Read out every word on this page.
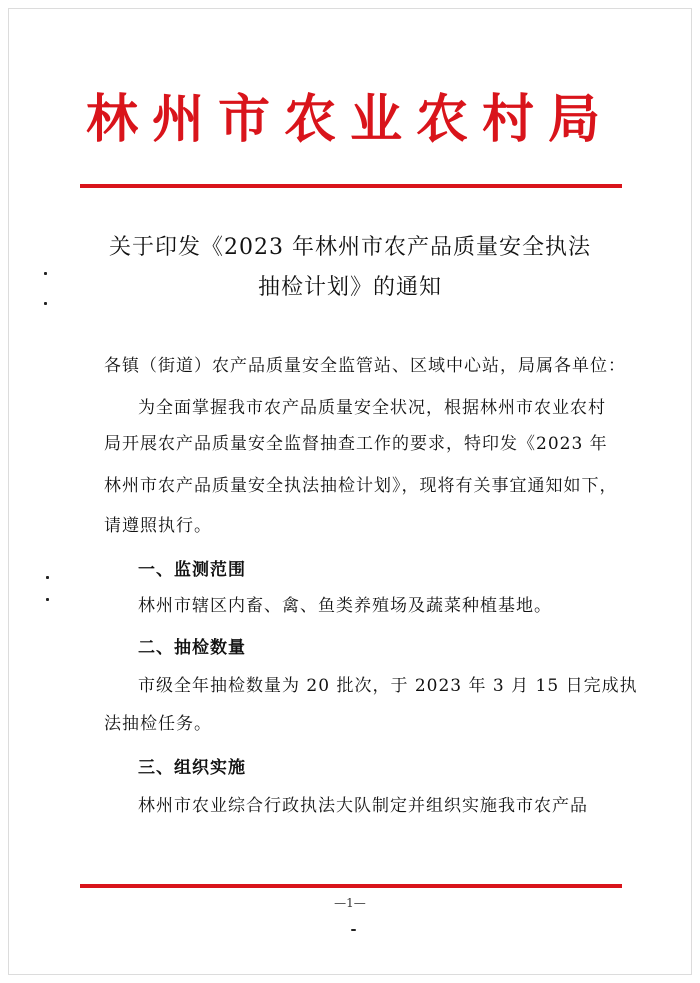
林州市农业农村局
关于印发《2023 年林州市农产品质量安全执法
抽检计划》的通知
各镇（街道）农产品质量安全监管站、区域中心站，局属各单位：
为全面掌握我市农产品质量安全状况，根据林州市农业农村
局开展农产品质量安全监督抽查工作的要求，特印发《2023 年
林州市农产品质量安全执法抽检计划》，现将有关事宜通知如下，
请遵照执行。
一、监测范围
林州市辖区内畜、禽、鱼类养殖场及蔬菜种植基地。
二、抽检数量
市级全年抽检数量为 20 批次，于 2023 年 3 月 15 日完成执
法抽检任务。
三、组织实施
林州市农业综合行政执法大队制定并组织实施我市农产品
—1—
